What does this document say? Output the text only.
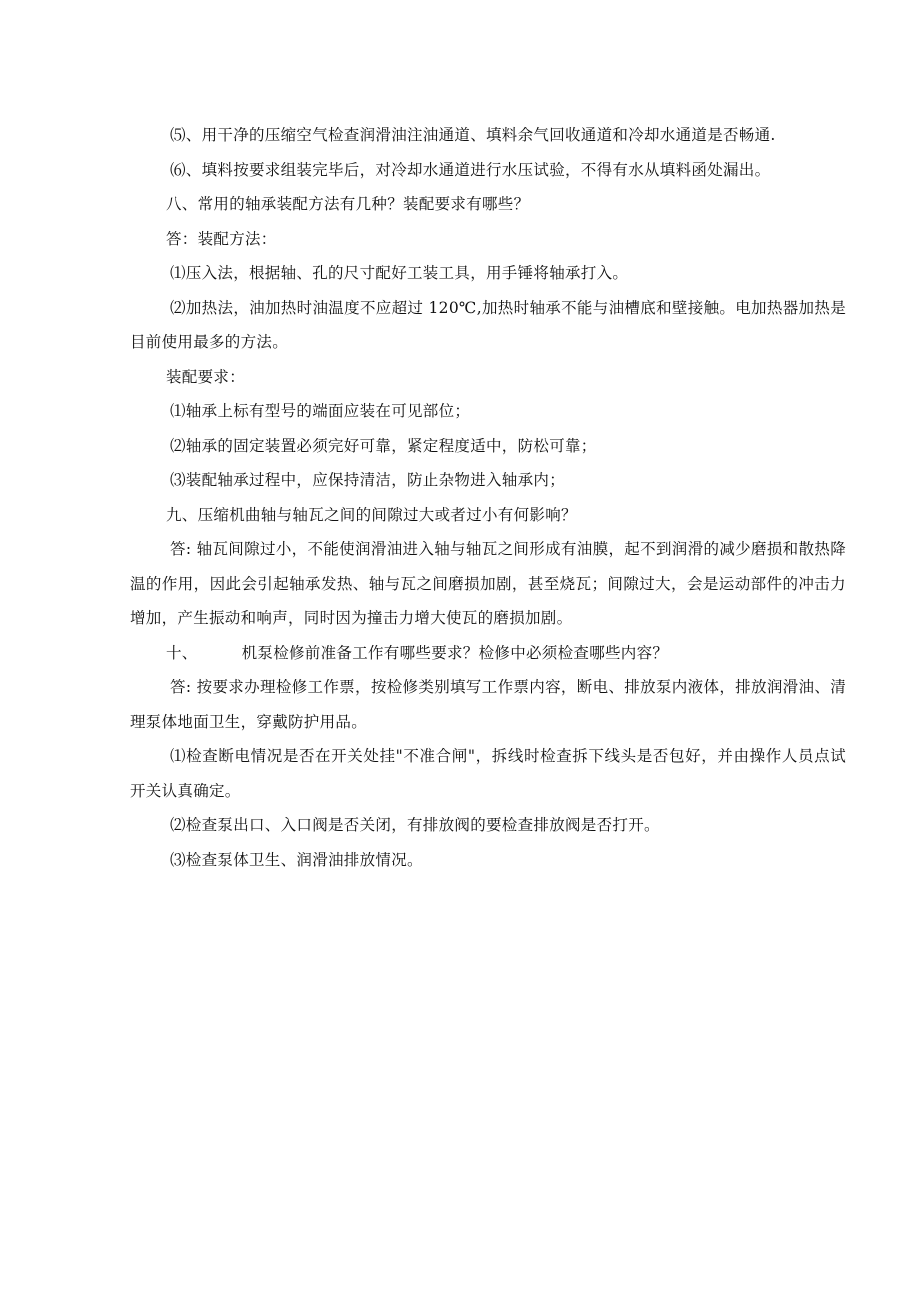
⑸、用干净的压缩空气检查润滑油注油通道、填料余气回收通道和冷却水通道是否畅通.

⑹、填料按要求组装完毕后，对冷却水通道进行水压试验，不得有水从填料函处漏出。

八、常用的轴承装配方法有几种？装配要求有哪些？

答：装配方法：

⑴压入法，根据轴、孔的尺寸配好工装工具，用手锤将轴承打入。

⑵加热法，油加热时油温度不应超过 120℃,加热时轴承不能与油槽底和壁接触。电加热器加热是目前使用最多的方法。

装配要求：

⑴轴承上标有型号的端面应装在可见部位；

⑵轴承的固定装置必须完好可靠，紧定程度适中，防松可靠；

⑶装配轴承过程中，应保持清洁，防止杂物进入轴承内；

九、压缩机曲轴与轴瓦之间的间隙过大或者过小有何影响？

答: 轴瓦间隙过小，不能使润滑油进入轴与轴瓦之间形成有油膜，起不到润滑的减少磨损和散热降温的作用，因此会引起轴承发热、轴与瓦之间磨损加剧，甚至烧瓦；间隙过大，会是运动部件的冲击力增加，产生振动和响声，同时因为撞击力增大使瓦的磨损加剧。

十、	机泵检修前准备工作有哪些要求？检修中必须检查哪些内容？

答: 按要求办理检修工作票，按检修类别填写工作票内容，断电、排放泵内液体，排放润滑油、清理泵体地面卫生，穿戴防护用品。

⑴检查断电情况是否在开关处挂"不准合闸"，拆线时检查拆下线头是否包好，并由操作人员点试开关认真确定。

⑵检查泵出口、入口阀是否关闭，有排放阀的要检查排放阀是否打开。

⑶检查泵体卫生、润滑油排放情况。
